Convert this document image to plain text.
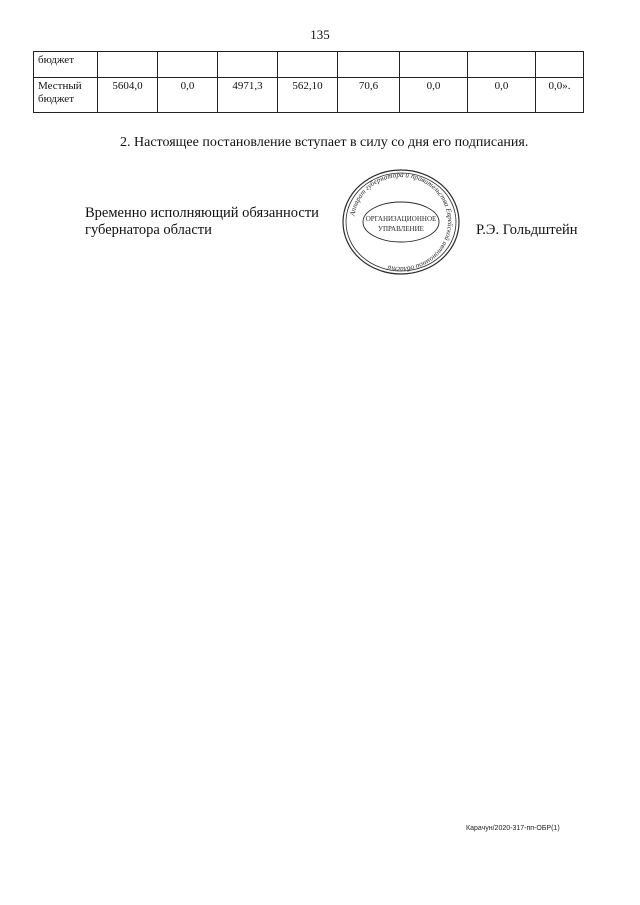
135
бюджет								

Местный
бюджет	5604,0	0,0	4971,3	562,10	70,6	0,0	0,0	0,0».
2. Настоящее постановление вступает в силу со дня его подписания.
Временно исполняющий обязанности
губернатора области
Аппарат губернатора и правительства Еврейской автономной области
ОРГАНИЗАЦИОННОЕ
УПРАВЛЕНИЕ	Р.Э. Гольдштейн
Карачун/2020-317-пп-ОБР(1)
